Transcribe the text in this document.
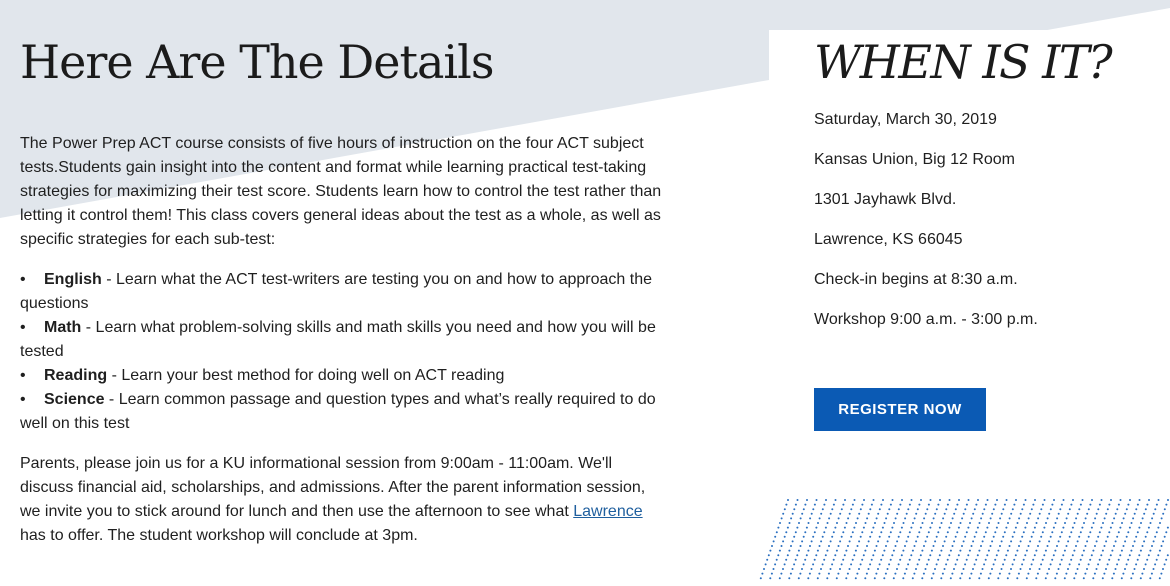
Here Are The Details

The Power Prep ACT course consists of five hours of instruction on the four ACT subject tests.Students gain insight into the content and format while learning practical test-taking strategies for maximizing their test score. Students learn how to control the test rather than letting it control them! This class covers general ideas about the test as a whole, as well as specific strategies for each sub-test:

• English - Learn what the ACT test-writers are testing you on and how to approach the questions
• Math - Learn what problem-solving skills and math skills you need and how you will be tested
• Reading - Learn your best method for doing well on ACT reading
• Science - Learn common passage and question types and what’s really required to do well on this test

Parents, please join us for a KU informational session from 9:00am - 11:00am. We'll discuss financial aid, scholarships, and admissions. After the parent information session, we invite you to stick around for lunch and then use the afternoon to see what Lawrence has to offer. The student workshop will conclude at 3pm.

WHEN IS IT?
Saturday, March 30, 2019
Kansas Union, Big 12 Room
1301 Jayhawk Blvd.
Lawrence, KS 66045
Check-in begins at 8:30 a.m.
Workshop 9:00 a.m. - 3:00 p.m.
REGISTER NOW
